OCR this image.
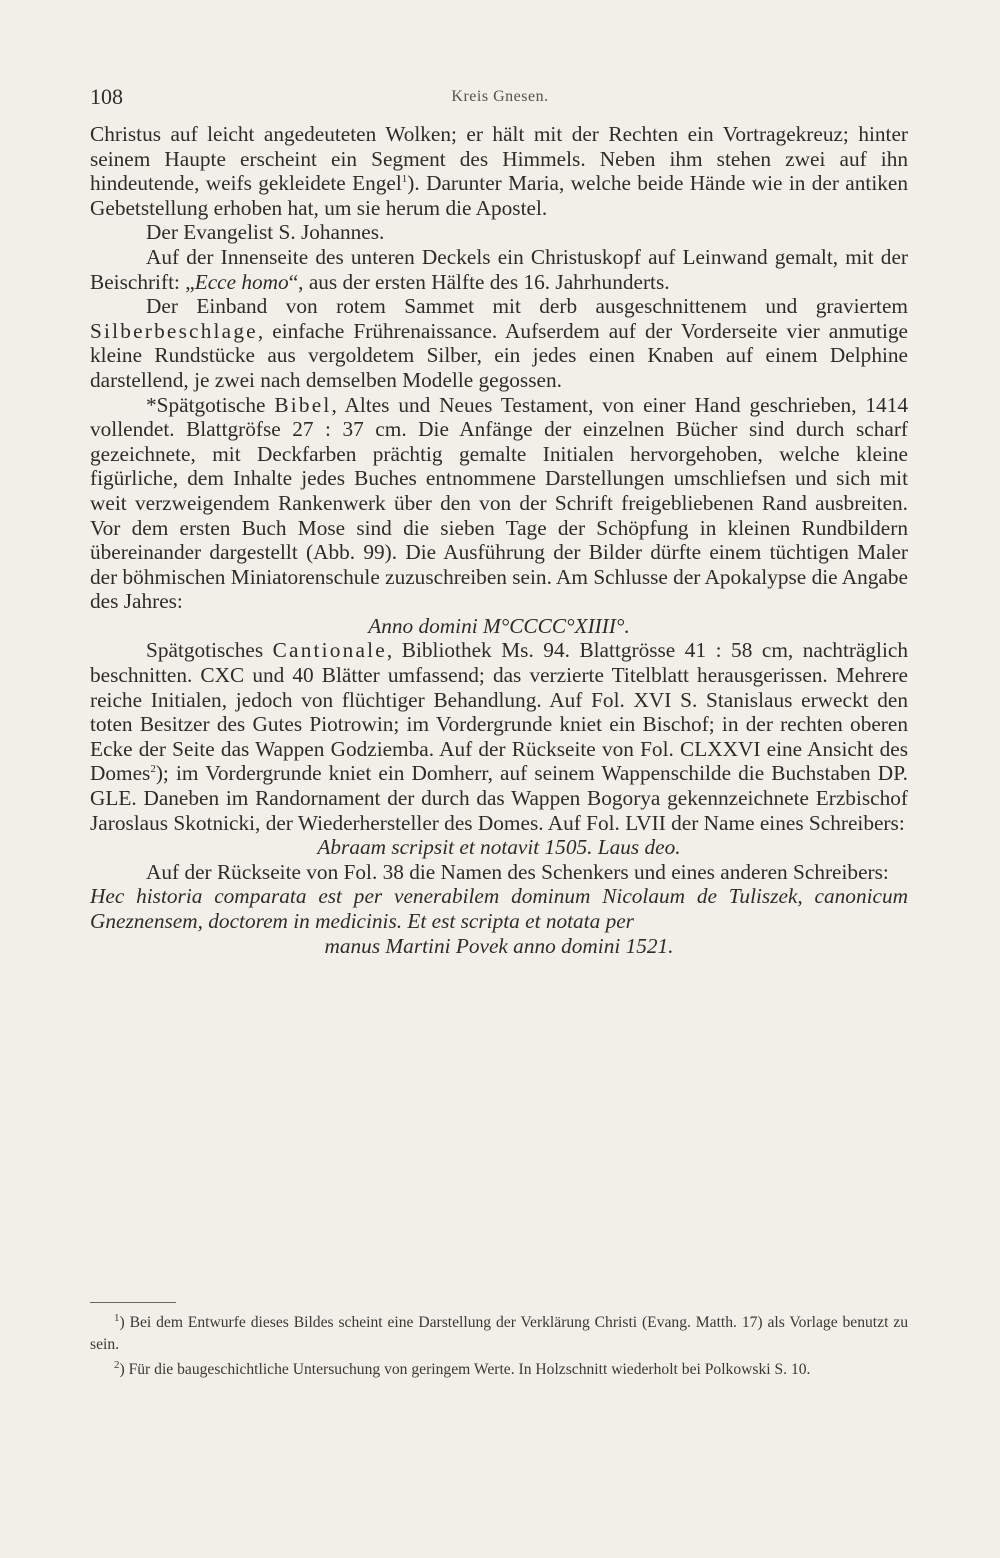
108	Kreis Gnesen.

Christus auf leicht angedeuteten Wolken; er hält mit der Rechten ein Vortragekreuz; hinter seinem Haupte erscheint ein Segment des Himmels. Neben ihm stehen zwei auf ihn hindeutende, weifs gekleidete Engel$^1$). Darunter Maria, welche beide Hände wie in der antiken Gebetstellung erhoben hat, um sie herum die Apostel.

Der Evangelist S. Johannes.

Auf der Innenseite des unteren Deckels ein Christuskopf auf Leinwand gemalt, mit der Beischrift: „Ecce homo“, aus der ersten Hälfte des 16. Jahrhunderts.

Der Einband von rotem Sammet mit derb ausgeschnittenem und graviertem Silberbeschlage, einfache Frührenaissance. Aufserdem auf der Vorderseite vier anmutige kleine Rundstücke aus vergoldetem Silber, ein jedes einen Knaben auf einem Delphine darstellend, je zwei nach demselben Modelle gegossen.

*Spätgotische Bibel, Altes und Neues Testament, von einer Hand geschrieben, 1414 vollendet. Blattgröfse 27 : 37 cm. Die Anfänge der einzelnen Bücher sind durch scharf gezeichnete, mit Deckfarben prächtig gemalte Initialen hervorgehoben, welche kleine figürliche, dem Inhalte jedes Buches entnommene Darstellungen umschliefsen und sich mit weit verzweigendem Rankenwerk über den von der Schrift freigebliebenen Rand ausbreiten. Vor dem ersten Buch Mose sind die sieben Tage der Schöpfung in kleinen Rundbildern übereinander dargestellt (Abb. 99). Die Ausführung der Bilder dürfte einem tüchtigen Maler der böhmischen Miniatorenschule zuzuschreiben sein. Am Schlusse der Apokalypse die Angabe des Jahres:

Anno domini M°CCCC°XIIII°.

Spätgotisches Cantionale, Bibliothek Ms. 94. Blattgrösse 41 : 58 cm, nachträglich beschnitten. CXC und 40 Blätter umfassend; das verzierte Titelblatt herausgerissen. Mehrere reiche Initialen, jedoch von flüchtiger Behandlung. Auf Fol. XVI S. Stanislaus erweckt den toten Besitzer des Gutes Piotrowin; im Vordergrunde kniet ein Bischof; in der rechten oberen Ecke der Seite das Wappen Godziemba. Auf der Rückseite von Fol. CLXXVI eine Ansicht des Domes$^2$); im Vordergrunde kniet ein Domherr, auf seinem Wappenschilde die Buchstaben DP. GLE. Daneben im Randornament der durch das Wappen Bogorya gekennzeichnete Erzbischof Jaroslaus Skotnicki, der Wiederhersteller des Domes. Auf Fol. LVII der Name eines Schreibers:

Abraam scripsit et notavit 1505. Laus deo.

Auf der Rückseite von Fol. 38 die Namen des Schenkers und eines anderen Schreibers:

Hec historia comparata est per venerabilem dominum Nicolaum de Tuliszek, canonicum Gneznensem, doctorem in medicinis. Et est scripta et notata per
manus Martini Povek anno domini 1521.

$^1$) Bei dem Entwurfe dieses Bildes scheint eine Darstellung der Verklärung Christi (Evang. Matth. 17) als Vorlage benutzt zu sein.

$^2$) Für die baugeschichtliche Untersuchung von geringem Werte. In Holzschnitt wiederholt bei Polkowski S. 10.
